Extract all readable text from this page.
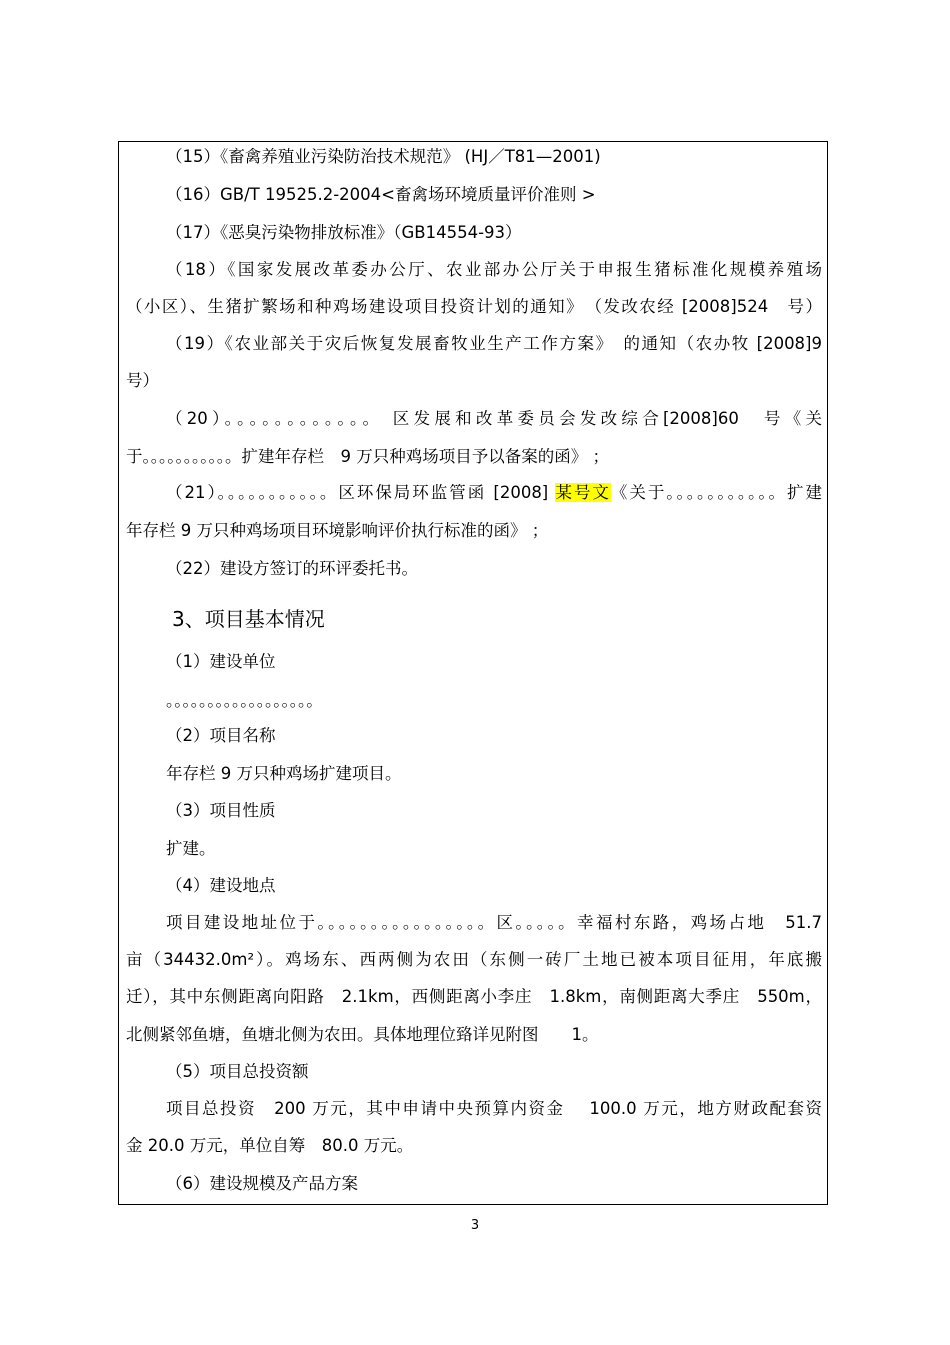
（15）《畜禽养殖业污染防治技术规范》 (HJ／T81—2001)
（16）GB/T 19525.2-2004<畜禽场环境质量评价准则 >
（17）《恶臭污染物排放标准》（GB14554-93）
（18）《国家发展改革委办公厅、农业部办公厅关于申报生猪标准化规模养殖场
（小区）、生猪扩繁场和种鸡场建设项目投资计划的通知》　（发改农经 [2008]524　号）
（19）《农业部关于灾后恢复发展畜牧业生产工作方案》　的通知（农办牧 [2008]9
号）
（20）。。。。。。。。。。。。 区发展和改革委员会发改综合[2008]60　号《关
于。。。。。。。。。。。扩建年存栏　9 万只种鸡场项目予以备案的函》 ；
（21）。。。。。。。。。。。区环保局环监管函 [2008] 某号文《关于。。。。。。。。。。。扩建
年存栏 9 万只种鸡场项目环境影响评价执行标准的函》 ；
（22）建设方签订的环评委托书。
3、项目基本情况
（1）建设单位
。。。。。。。。。。。。。。。。。。
（2）项目名称
年存栏 9 万只种鸡场扩建项目。
（3）项目性质
扩建。
（4）建设地点
项目建设地址位于。。。。。。。。。。。。。。。。区。。。。。幸福村东路，鸡场占地　51.7
亩（34432.0m²）。鸡场东、西两侧为农田（东侧一砖厂土地已被本项目征用，年底搬
迁），其中东侧距离向阳路　2.1km，西侧距离小李庄　1.8km，南侧距离大季庄　550m，
北侧紧邻鱼塘，鱼塘北侧为农田。具体地理位臵详见附图　　1。
（5）项目总投资额
项目总投资　200 万元，其中申请中央预算内资金　 100.0 万元，地方财政配套资
金 20.0 万元，单位自筹　80.0 万元。
（6）建设规模及产品方案
3
